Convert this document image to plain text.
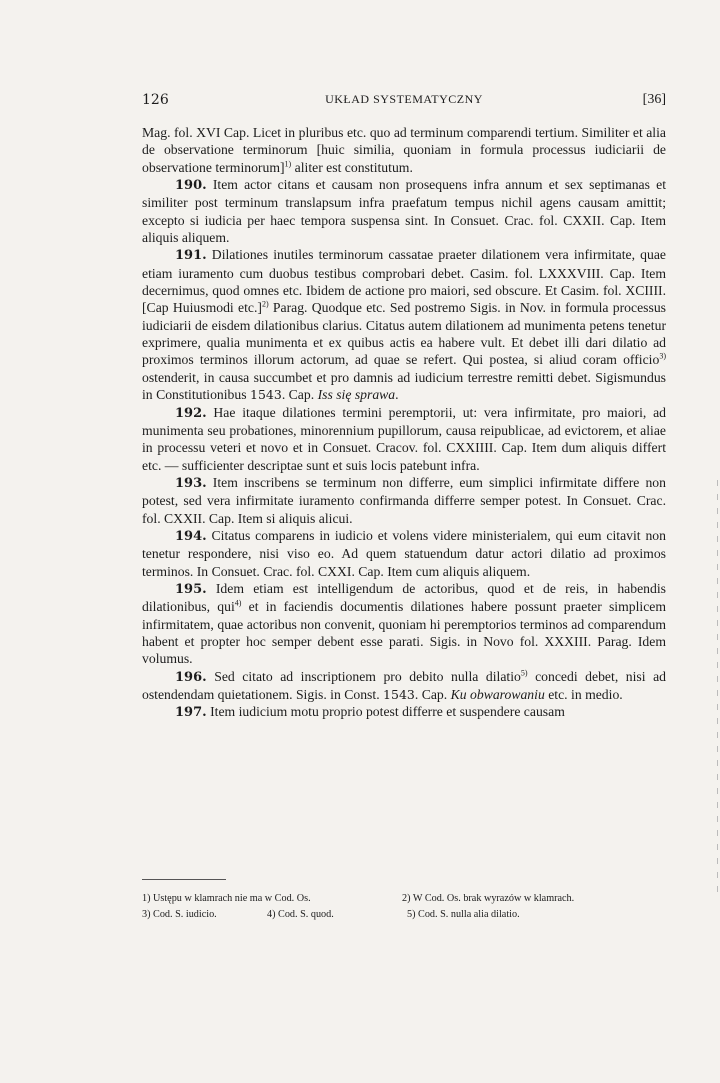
126	UKŁAD SYSTEMATYCZNY	[36]

Mag. fol. XVI Cap. Licet in pluribus etc. quo ad terminum comparendi tertium. Similiter et alia de observatione terminorum [huic similia, quoniam in formula processus iudiciarii de observatione terminorum]$^{1)}$ aliter est constitutum.

190. Item actor citans et causam non prosequens infra annum et sex septimanas et similiter post terminum translapsum infra praefatum tempus nichil agens causam amittit; excepto si iudicia per haec tempora suspensa sint. In Consuet. Crac. fol. CXXII. Cap. Item aliquis aliquem.

191. Dilationes inutiles terminorum cassatae praeter dilationem vera infirmitate, quae etiam iuramento cum duobus testibus comprobari debet. Casim. fol. LXXXVIII. Cap. Item decernimus, quod omnes etc. Ibidem de actione pro maiori, sed obscure. Et Casim. fol. XCIIII. [Cap Huiusmodi etc.]$^{2)}$ Parag. Quodque etc. Sed postremo Sigis. in Nov. in formula processus iudiciarii de eisdem dilationibus clarius. Citatus autem dilationem ad munimenta petens tenetur exprimere, qualia munimenta et ex quibus actis ea habere vult. Et debet illi dari dilatio ad proximos terminos illorum actorum, ad quae se refert. Qui postea, si aliud coram officio$^{3)}$ ostenderit, in causa succumbet et pro damnis ad iudicium terrestre remitti debet. Sigismundus in Constitutionibus 1543. Cap. Iss się sprawa.

192. Hae itaque dilationes termini peremptorii, ut: vera infirmitate, pro maiori, ad munimenta seu probationes, minorennium pupillorum, causa reipublicae, ad evictorem, et aliae in processu veteri et novo et in Consuet. Cracov. fol. CXXIIII. Cap. Item dum aliquis differt etc. — sufficienter descriptae sunt et suis locis patebunt infra.

193. Item inscribens se terminum non differre, eum simplici infirmitate differe non potest, sed vera infirmitate iuramento confirmanda differre semper potest. In Consuet. Crac. fol. CXXII. Cap. Item si aliquis alicui.

194. Citatus comparens in iudicio et volens videre ministerialem, qui eum citavit non tenetur respondere, nisi viso eo. Ad quem statuendum datur actori dilatio ad proximos terminos. In Consuet. Crac. fol. CXXI. Cap. Item cum aliquis aliquem.

195. Idem etiam est intelligendum de actoribus, quod et de reis, in habendis dilationibus, qui$^{4)}$ et in faciendis documentis dilationes habere possunt praeter simplicem infirmitatem, quae actoribus non convenit, quoniam hi peremptorios terminos ad comparendum habent et propter hoc semper debent esse parati. Sigis. in Novo fol. XXXIII. Parag. Idem volumus.

196. Sed citato ad inscriptionem pro debito nulla dilatio$^{5)}$ concedi debet, nisi ad ostendendam quietationem. Sigis. in Const. 1543. Cap. Ku obwarowaniu etc. in medio.

197. Item iudicium motu proprio potest differre et suspendere causam

1) Ustępu w klamrach nie ma w Cod. Os.	2) W Cod. Os. brak wyrazów w klamrach.
3) Cod. S. iudicio.	4) Cod. S. quod.	5) Cod. S. nulla alia dilatio.
